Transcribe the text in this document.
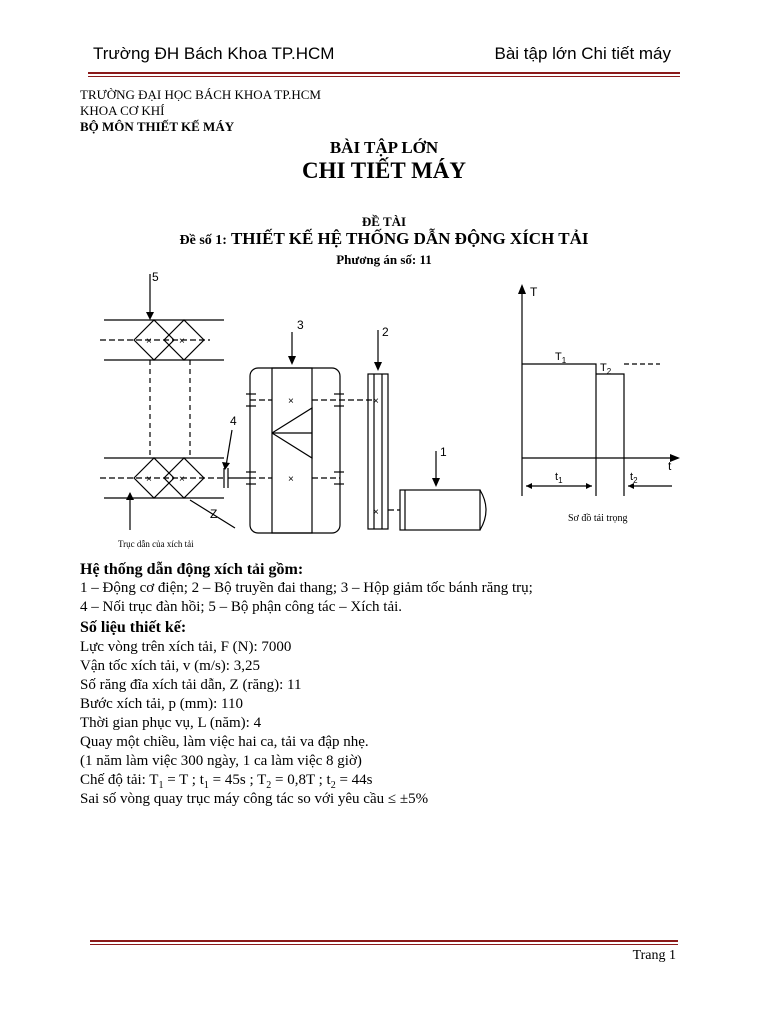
Trường ĐH Bách Khoa TP.HCM	Bài tập lớn Chi tiết máy
TRƯỜNG ĐẠI HỌC BÁCH KHOA TP.HCM
KHOA CƠ KHÍ
BỘ MÔN THIẾT KẾ MÁY
BÀI TẬP LỚN
CHI TIẾT MÁY
ĐỀ TÀI
Đề số 1: THIẾT KẾ HỆ THỐNG DẪN ĐỘNG XÍCH TẢI
Phương án số: 11
5
×	×
×	×
Z
Trục dẫn của xích tải
4
3
×
×
2
×
×
1
T
t
$T_1$
$T_2$
$t_1$	$t_2$
Sơ đồ tải trọng
Hệ thống dẫn động xích tải gồm:
1 – Động cơ điện; 2 – Bộ truyền đai thang; 3 – Hộp giảm tốc bánh răng trụ;
4 – Nối trục đàn hồi; 5 – Bộ phận công tác – Xích tải.
Số liệu thiết kế:
Lực vòng trên xích tải, F (N): 7000
Vận tốc xích tải, v (m/s): 3,25
Số răng đĩa xích tải dẫn, Z (răng): 11
Bước xích tải, p (mm): 110
Thời gian phục vụ, L (năm): 4
Quay một chiều, làm việc hai ca, tải va đập nhẹ.
(1 năm làm việc 300 ngày, 1 ca làm việc 8 giờ)
Chế độ tải: $T_1 = T$ ; $t_1 = 45s$ ; $T_2 = 0,8T$ ; $t_2 = 44s$
Sai số vòng quay trục máy công tác so với yêu cầu ≤ ±5%
Trang 1
